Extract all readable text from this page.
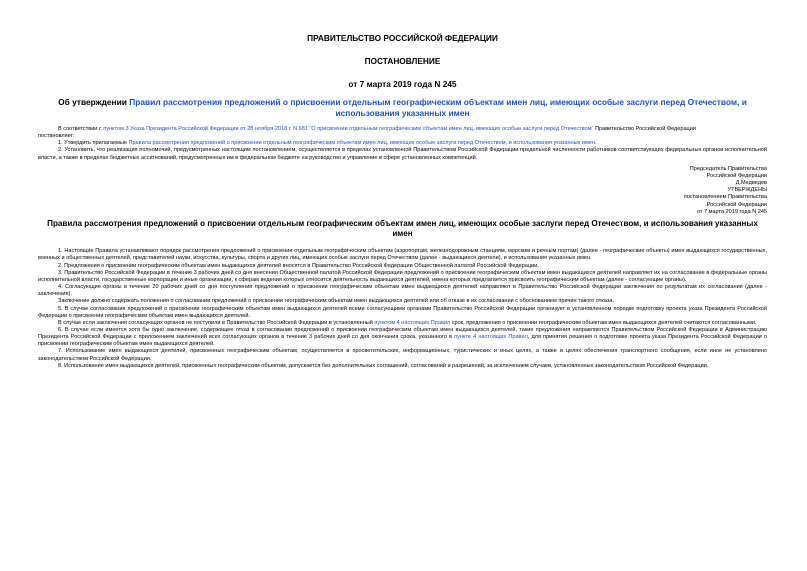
ПРАВИТЕЛЬСТВО РОССИЙСКОЙ ФЕДЕРАЦИИ
ПОСТАНОВЛЕНИЕ
от 7 марта 2019 года N 245
Об утверждении Правил рассмотрения предложений о присвоении отдельным географическим объектам имен лиц, имеющих особые заслуги перед Отечеством, и использования указанных имен
В соответствии с пунктом 3 Указа Президента Российской Федерации от 28 ноября 2018 г. N 681 "О присвоении отдельным географическим объектам имен лиц, имеющих особые заслуги перед Отечеством" Правительство Российской Федерации
постановляет:
1. Утвердить прилагаемые Правила рассмотрения предложений о присвоении отдельным географическим объектам имен лиц, имеющих особые заслуги перед Отечеством, и использования указанных имен.
2. Установить, что реализация полномочий, предусмотренных настоящим постановлением, осуществляется в пределах установленной Правительством Российской Федерации предельной численности работников соответствующих федеральных органов исполнительной власти, а также в пределах бюджетных ассигнований, предусмотренных им в федеральном бюджете на руководство и управление в сфере установленных компетенций.
Председатель Правительства
Российской Федерации
Д.Медведев
УТВЕРЖДЕНЫ
постановлением Правительства
Российской Федерации
от 7 марта 2019 года N 245
Правила рассмотрения предложений о присвоении отдельным географическим объектам имен лиц, имеющих особые заслуги перед Отечеством, и использования указанных имен
1. Настоящие Правила устанавливают порядок рассмотрения предложений о присвоении отдельным географическим объектам (аэропортам, железнодорожным станциям, морским и речным портам) (далее - географические объекты) имен выдающихся государственных, военных и общественных деятелей, представителей науки, искусства, культуры, спорта и других лиц, имеющих особые заслуги перед Отечеством (далее - выдающиеся деятели), и использования указанных имен.
2. Предложения о присвоении географическим объектам имен выдающихся деятелей вносятся в Правительство Российской Федерации Общественной палатой Российской Федерации.
3. Правительство Российской Федерации в течение 3 рабочих дней со дня внесения Общественной палатой Российской Федерации предложений о присвоении географическим объектам имен выдающихся деятелей направляет их на согласование в федеральные органы исполнительной власти, государственные корпорации и иные организации, к сферам ведения которых относится деятельность выдающихся деятелей, имена которых предлагается присвоить географическим объектам (далее - согласующие органы).
4. Согласующие органы в течение 20 рабочих дней со дня поступления предложений о присвоении географическим объектам имен выдающихся деятелей направляют в Правительство Российской Федерации заключения по результатам их согласования (далее - заключения).
Заключение должно содержать положения о согласовании предложений о присвоении географическим объектам имен выдающихся деятелей или об отказе в их согласовании с обоснованием причин такого отказа.
5. В случае согласования предложений о присвоении географическим объектам имен выдающихся деятелей всеми согласующими органами Правительство Российской Федерации организует в установленном порядке подготовку проекта указа Президента Российской Федерации о присвоении географическим объектам имен выдающихся деятелей.
В случае если заключения согласующих органов не поступили в Правительство Российской Федерации в установленный пунктом 4 настоящих Правил срок, предложения о присвоении географическим объектам имен выдающихся деятелей считаются согласованными.
6. В случае если имеется хотя бы одно заключение, содержащее отказ в согласовании предложений о присвоении географическим объектам имен выдающихся деятелей, такие предложения направляются Правительством Российской Федерации в Администрацию Президента Российской Федерации с приложением заключений всех согласующих органов в течение 3 рабочих дней со дня окончания срока, указанного в пункте 4 настоящих Правил, для принятия решения о подготовке проекта указа Президента Российской Федерации о присвоении географическим объектам имен выдающихся деятелей.
7. Использование имен выдающихся деятелей, присвоенных географическим объектам, осуществляется в просветительских, информационных, туристических и иных целях, а также в целях обеспечения транспортного сообщения, если иное не установлено законодательством Российской Федерации.
8. Использование имен выдающихся деятелей, присвоенных географическим объектам, допускается без дополнительных соглашений, согласований и разрешений, за исключением случаев, установленных законодательством Российской Федерации.
